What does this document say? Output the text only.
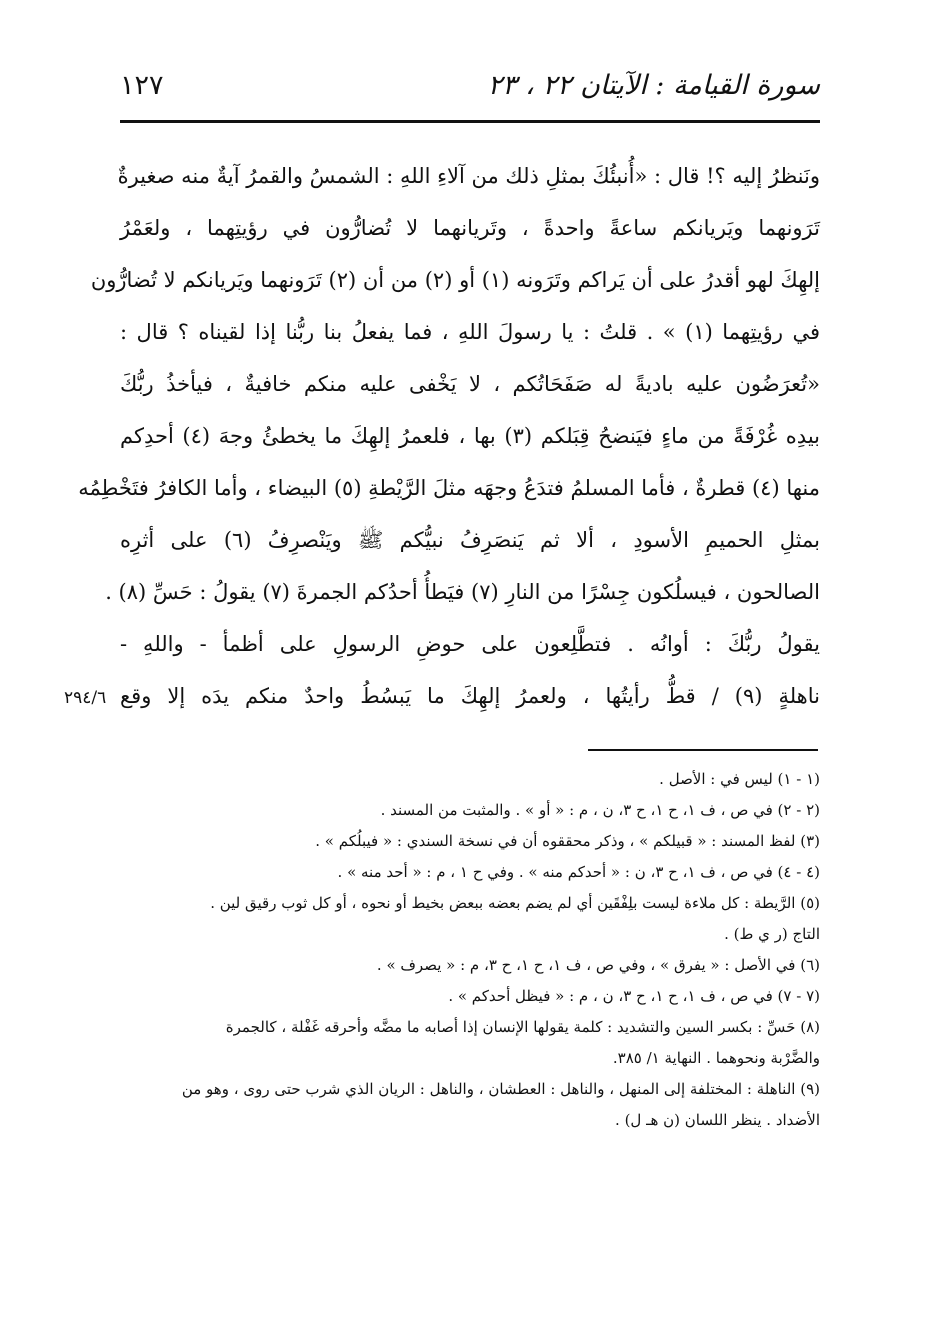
سورة القيامة : الآيتان ٢٢ ، ٢٣
١٢٧
ونَنظرُ إليه ؟! قال : «أُنبئُكَ بمثلِ ذلك من آلاءِ اللهِ : الشمسُ والقمرُ آيةٌ منه صغيرةٌ
تَرَونهما ويَريانكم ساعةً واحدةً ، وتَريانهما لا تُضارُّون في رؤيتِهما ، ولعَمْرُ
إلهِكَ لهو أقدرُ على أن يَراكم وتَرَونه (١) أو (٢) من أن (٢) تَرَونهما ويَريانكم لا تُضارُّون
في رؤيتِهما (١) » . قلتُ : يا رسولَ اللهِ ، فما يفعلُ بنا ربُّنا إذا لقيناه ؟ قال :
«تُعرَضُون عليه باديةً له صَفَحَاتُكم ، لا يَخْفى عليه منكم خافيةٌ ، فيأخذُ ربُّكَ
بيدِه غُرْفَةً من ماءٍ فيَنضحُ قِبَلكم (٣) بها ، فلعمرُ إلهِكَ ما يخطئُ وجهَ (٤) أحدِكم
منها (٤) قطرةٌ ، فأما المسلمُ فتدَعُ وجهَه مثلَ الرَّيْطةِ (٥) البيضاء ، وأما الكافرُ فتَخْطِمُه
بمثلِ الحميمِ الأسودِ ، ألا ثم يَنصَرِفُ نبيُّكم ﷺ ويَنْصرِفُ (٦) على أثرِه
الصالحون ، فيسلُكون جِسْرًا من النارِ (٧) فيَطأُ أحدُكم الجمرةَ (٧) يقولُ : حَسِّ (٨) .
يقولُ ربُّكَ : أوانُه . فتطَّلِعون على حوضِ الرسولِ على أظمأ - واللهِ -
ناهلةٍ (٩) / قطُّ رأيتُها ، ولعمرُ إلهِكَ ما يَبسُطُ واحدٌ منكم يدَه إلا وقع
٢٩٤/٦
(١ - ١) ليس في : الأصل .
(٢ - ٢) في ص ، ف ١، ح ١، ح ٣، ن ، م : « أو » . والمثبت من المسند .
(٣) لفظ المسند : « قبيلكم » ، وذكر محققوه أن في نسخة السندي : « فيبلُكم » .
(٤ - ٤) في ص ، ف ١، ح ٣، ن : « أحدكم منه » . وفي ح ١ ، م : « أحد منه » .
(٥) الرَّيطة : كل ملاءة ليست بلِفْقَين أي لم يضم بعضه ببعض بخيط أو نحوه ، أو كل ثوب رقيق لين .
التاج (ر ي ط) .
(٦) في الأصل : « يفرق » ، وفي ص ، ف ١، ح ١، ح ٣، م : « يصرف » .
(٧ - ٧) في ص ، ف ١، ح ١، ح ٣، ن ، م : « فيظل أحدكم » .
(٨) حَسِّ : بكسر السين والتشديد : كلمة يقولها الإنسان إذا أصابه ما مضَّه وأحرقه غَفْلة ، كالجمرة
والضَّرْبة ونحوهما . النهاية ١/ ٣٨٥.
(٩) الناهلة : المختلفة إلى المنهل ، والناهل : العطشان ، والناهل : الريان الذي شرب حتى روى ، وهو من
الأضداد . ينظر اللسان (ن هـ ل) .
